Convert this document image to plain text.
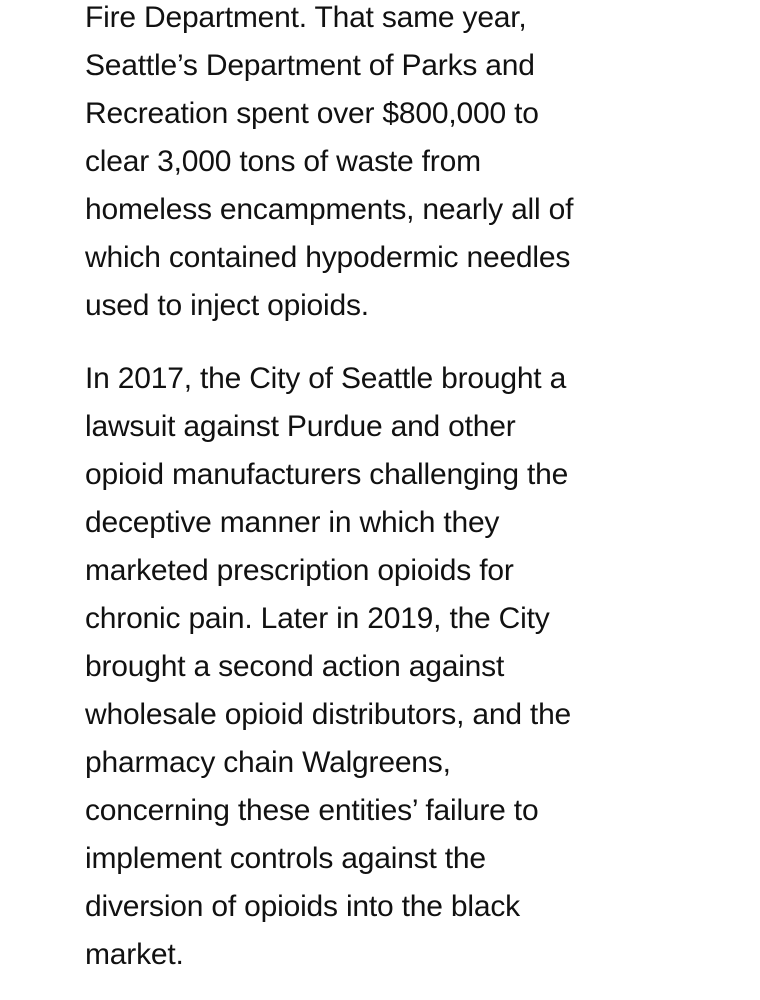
Fire Department. That same year,
Seattle’s Department of Parks and
Recreation spent over $800,000 to
clear 3,000 tons of waste from
homeless encampments, nearly all of
which contained hypodermic needles
used to inject opioids.
In 2017, the City of Seattle brought a
lawsuit against Purdue and other
opioid manufacturers challenging the
deceptive manner in which they
marketed prescription opioids for
chronic pain. Later in 2019, the City
brought a second action against
wholesale opioid distributors, and the
pharmacy chain Walgreens,
concerning these entities’ failure to
implement controls against the
diversion of opioids into the black
market.
